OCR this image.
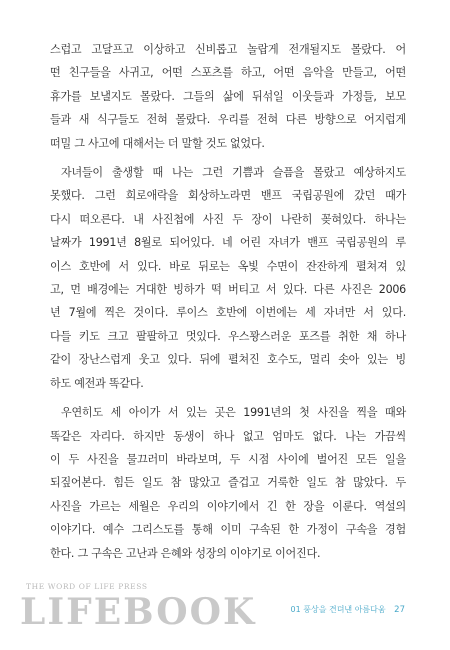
스럽고 고달프고 이상하고 신비롭고 놀랍게 전개될지도 몰랐다. 어
떤 친구들을 사귀고, 어떤 스포츠를 하고, 어떤 음악을 만들고, 어떤
휴가를 보낼지도 몰랐다. 그들의 삶에 뒤섞일 이웃들과 가정들, 보모
들과 새 식구들도 전혀 몰랐다. 우리를 전혀 다른 방향으로 어지럽게
떠밀 그 사고에 대해서는 더 말할 것도 없었다.
자녀들이 출생할 때 나는 그런 기쁨과 슬픔을 몰랐고 예상하지도
못했다. 그런 희로애락을 회상하노라면 밴프 국립공원에 갔던 때가
다시 떠오른다. 내 사진첩에 사진 두 장이 나란히 꽂혀있다. 하나는
날짜가 1991년 8월로 되어있다. 네 어린 자녀가 밴프 국립공원의 루
이스 호반에 서 있다. 바로 뒤로는 옥빛 수면이 잔잔하게 펼쳐져 있
고, 먼 배경에는 거대한 빙하가 떡 버티고 서 있다. 다른 사진은 2006
년 7월에 찍은 것이다. 루이스 호반에 이번에는 세 자녀만 서 있다.
다들 키도 크고 팔팔하고 멋있다. 우스꽝스러운 포즈를 취한 채 하나
같이 장난스럽게 웃고 있다. 뒤에 펼쳐진 호수도, 멀리 솟아 있는 빙
하도 예전과 똑같다.
우연히도 세 아이가 서 있는 곳은 1991년의 첫 사진을 찍을 때와
똑같은 자리다. 하지만 동생이 하나 없고 엄마도 없다. 나는 가끔씩
이 두 사진을 물끄러미 바라보며, 두 시점 사이에 벌어진 모든 일을
되짚어본다. 힘든 일도 참 많았고 즐겁고 거룩한 일도 참 많았다. 두
사진을 가르는 세월은 우리의 이야기에서 긴 한 장을 이룬다. 역설의
이야기다. 예수 그리스도를 통해 이미 구속된 한 가정이 구속을 경험
한다. 그 구속은 고난과 은혜와 성장의 이야기로 이어진다.
THE WORD OF LIFE PRESS
LIFEBOOK	01 풍상을 견뎌낸 아름다움 27
